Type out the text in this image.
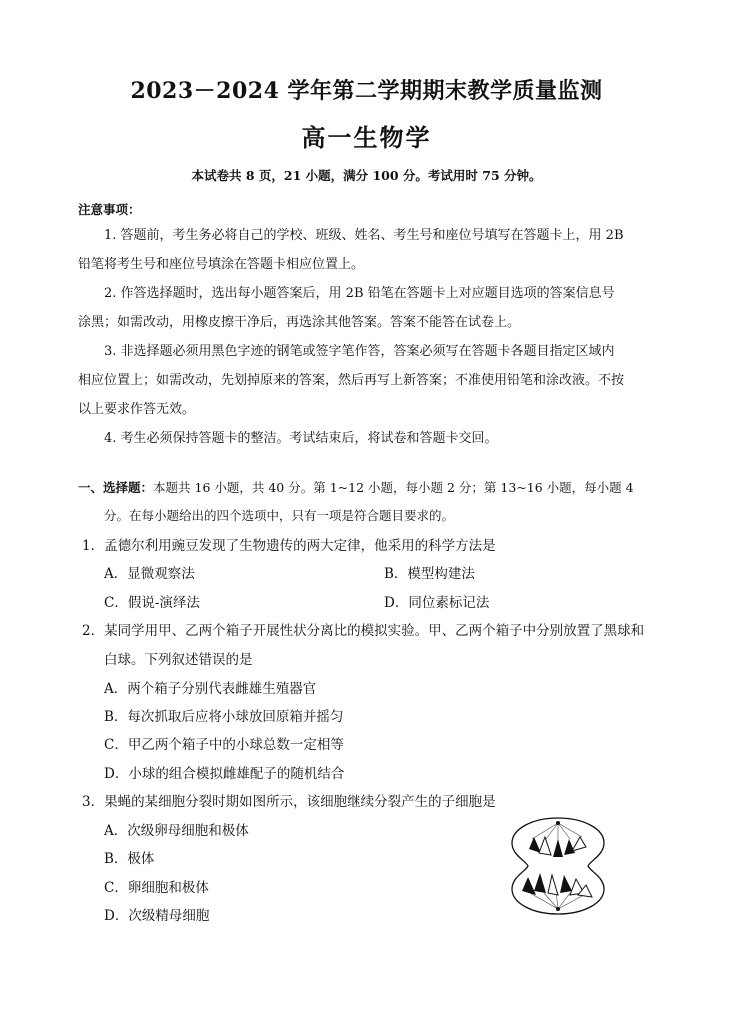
2023－2024 学年第二学期期末教学质量监测
高一生物学
本试卷共 8 页，21 小题，满分 100 分。考试用时 75 分钟。
注意事项：
1. 答题前，考生务必将自己的学校、班级、姓名、考生号和座位号填写在答题卡上，用 2B
铅笔将考生号和座位号填涂在答题卡相应位置上。
2. 作答选择题时，选出每小题答案后，用 2B 铅笔在答题卡上对应题目选项的答案信息号
涂黑；如需改动，用橡皮擦干净后，再选涂其他答案。答案不能答在试卷上。
3. 非选择题必须用黑色字迹的钢笔或签字笔作答，答案必须写在答题卡各题目指定区域内
相应位置上；如需改动，先划掉原来的答案，然后再写上新答案；不准使用铅笔和涂改液。不按
以上要求作答无效。
4. 考生必须保持答题卡的整洁。考试结束后，将试卷和答题卡交回。
一、选择题：本题共 16 小题，共 40 分。第 1~12 小题，每小题 2 分；第 13~16 小题，每小题 4
分。在每小题给出的四个选项中，只有一项是符合题目要求的。
1．孟德尔利用豌豆发现了生物遗传的两大定律，他采用的科学方法是
A．显微观察法	B．模型构建法
C．假说-演绎法	D．同位素标记法
2．某同学用甲、乙两个箱子开展性状分离比的模拟实验。甲、乙两个箱子中分别放置了黑球和
白球。下列叙述错误的是
A．两个箱子分别代表雌雄生殖器官
B．每次抓取后应将小球放回原箱并摇匀
C．甲乙两个箱子中的小球总数一定相等
D．小球的组合模拟雌雄配子的随机结合
3．果蝇的某细胞分裂时期如图所示，该细胞继续分裂产生的子细胞是
A．次级卵母细胞和极体
B．极体
C．卵细胞和极体
D．次级精母细胞
